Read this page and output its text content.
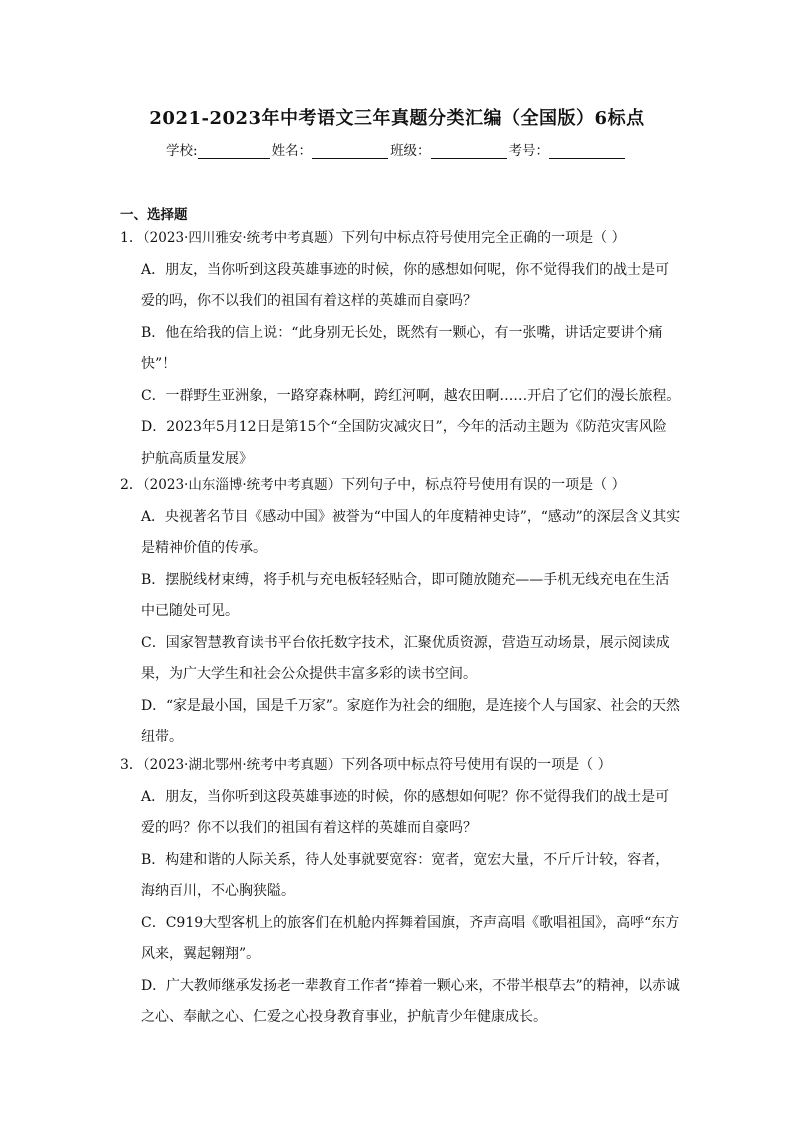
2021-2023年中考语文三年真题分类汇编（全国版）6标点
学校:	姓名：	班级：	考号：
一、选择题
1．（2023·四川雅安·统考中考真题）下列句中标点符号使用完全正确的一项是（ ）
A．朋友，当你听到这段英雄事迹的时候，你的感想如何呢，你不觉得我们的战士是可
爱的吗，你不以我们的祖国有着这样的英雄而自豪吗？
B．他在给我的信上说：“此身别无长处，既然有一颗心，有一张嘴，讲话定要讲个痛
快”！
C．一群野生亚洲象，一路穿森林啊，跨红河啊，越农田啊……开启了它们的漫长旅程。
D．2023年5月12日是第15个“全国防灾减灾日”，今年的活动主题为《防范灾害风险
护航高质量发展》
2．（2023·山东淄博·统考中考真题）下列句子中，标点符号使用有误的一项是（ ）
A．央视著名节目《感动中国》被誉为“中国人的年度精神史诗”，“感动”的深层含义其实
是精神价值的传承。
B．摆脱线材束缚，将手机与充电板轻轻贴合，即可随放随充——手机无线充电在生活
中已随处可见。
C．国家智慧教育读书平台依托数字技术，汇聚优质资源，营造互动场景，展示阅读成
果，为广大学生和社会公众提供丰富多彩的读书空间。
D．“家是最小国，国是千万家”。家庭作为社会的细胞，是连接个人与国家、社会的天然
纽带。
3．（2023·湖北鄂州·统考中考真题）下列各项中标点符号使用有误的一项是（ ）
A．朋友，当你听到这段英雄事迹的时候，你的感想如何呢？你不觉得我们的战士是可
爱的吗？你不以我们的祖国有着这样的英雄而自豪吗？
B．构建和谐的人际关系，待人处事就要宽容：宽者，宽宏大量，不斤斤计较，容者，
海纳百川，不心胸狭隘。
C．C919大型客机上的旅客们在机舱内挥舞着国旗，齐声高唱《歌唱祖国》，高呼“东方
风来，翼起翱翔”。
D．广大教师继承发扬老一辈教育工作者“捧着一颗心来，不带半根草去”的精神，以赤诚
之心、奉献之心、仁爱之心投身教育事业，护航青少年健康成长。
